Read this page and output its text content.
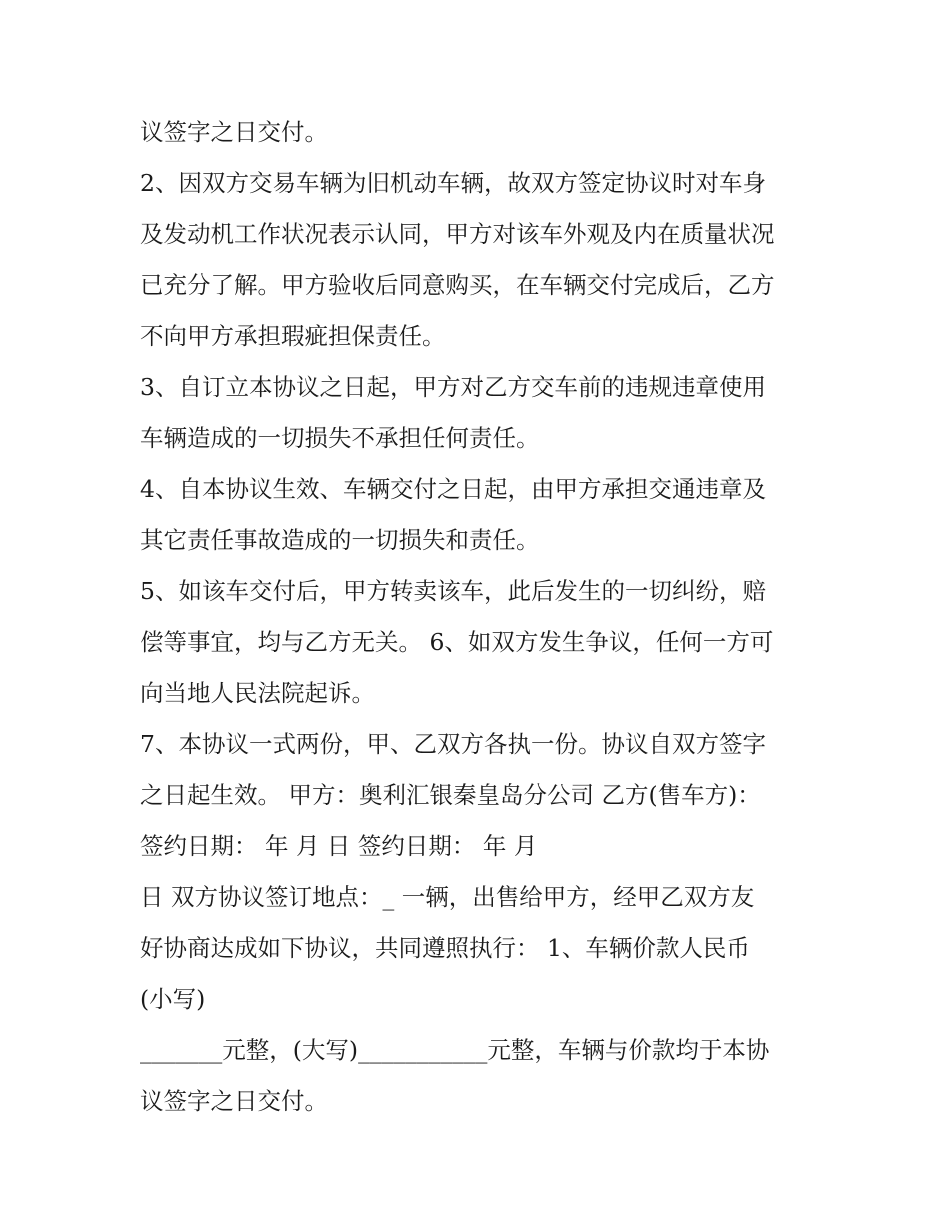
议签字之日交付。
2、因双方交易车辆为旧机动车辆，故双方签定协议时对车身
及发动机工作状况表示认同，甲方对该车外观及内在质量状况
已充分了解。甲方验收后同意购买，在车辆交付完成后，乙方
不向甲方承担瑕疵担保责任。
3、自订立本协议之日起，甲方对乙方交车前的违规违章使用
车辆造成的一切损失不承担任何责任。
4、自本协议生效、车辆交付之日起，由甲方承担交通违章及
其它责任事故造成的一切损失和责任。
5、如该车交付后，甲方转卖该车，此后发生的一切纠纷，赔
偿等事宜，均与乙方无关。 6、如双方发生争议，任何一方可
向当地人民法院起诉。
7、本协议一式两份，甲、乙双方各执一份。协议自双方签字
之日起生效。 甲方：奥利汇银秦皇岛分公司 乙方(售车方)：
签约日期： 年 月 日 签约日期： 年 月
日 双方协议签订地点：_ 一辆，出售给甲方，经甲乙双方友
好协商达成如下协议，共同遵照执行： 1、车辆价款人民币
(小写)
_______元整，(大写)___________元整，车辆与价款均于本协
议签字之日交付。
